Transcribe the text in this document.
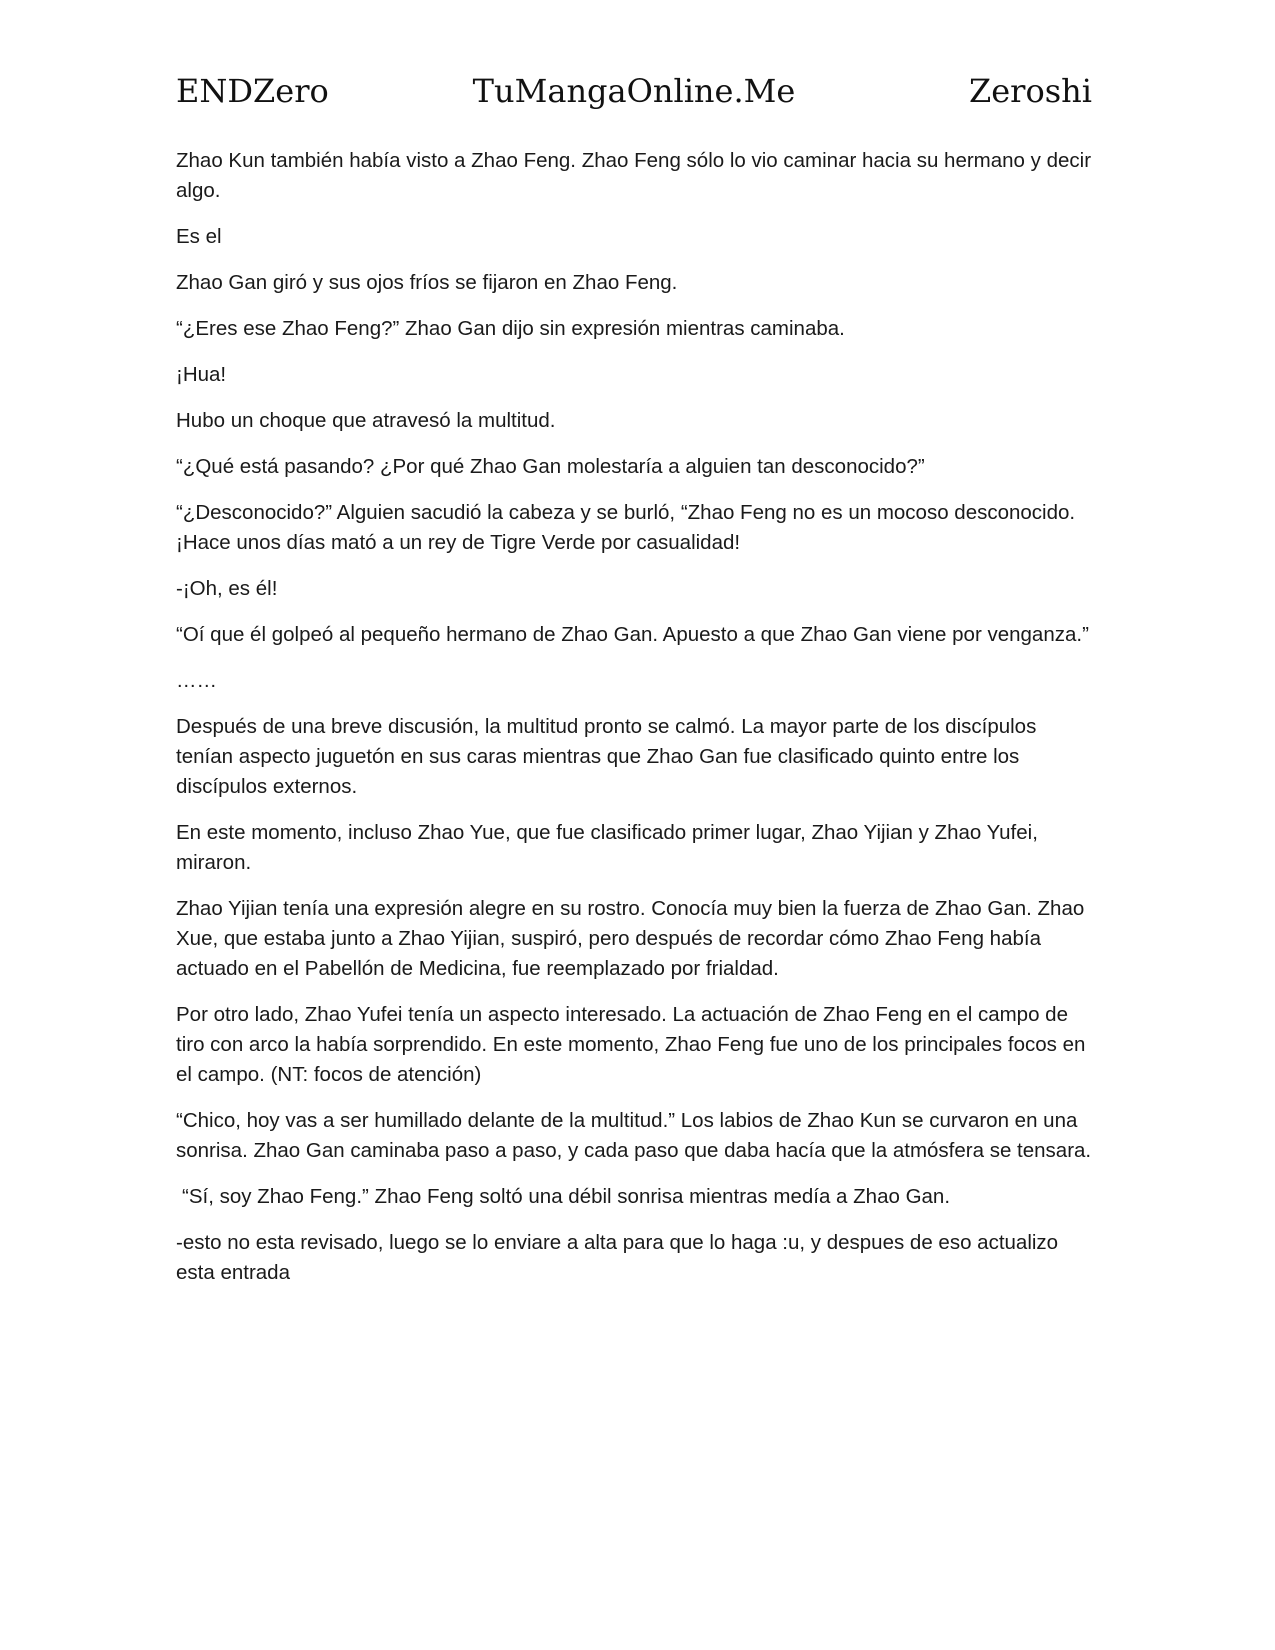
ENDZero	TuMangaOnline.Me	Zeroshi

Zhao Kun también había visto a Zhao Feng. Zhao Feng sólo lo vio caminar hacia su hermano y decir algo.

Es el

Zhao Gan giró y sus ojos fríos se fijaron en Zhao Feng.

“¿Eres ese Zhao Feng?” Zhao Gan dijo sin expresión mientras caminaba.

¡Hua!

Hubo un choque que atravesó la multitud.

“¿Qué está pasando? ¿Por qué Zhao Gan molestaría a alguien tan desconocido?”

“¿Desconocido?” Alguien sacudió la cabeza y se burló, “Zhao Feng no es un mocoso desconocido. ¡Hace unos días mató a un rey de Tigre Verde por casualidad!

-¡Oh, es él!

“Oí que él golpeó al pequeño hermano de Zhao Gan. Apuesto a que Zhao Gan viene por venganza.”

……

Después de una breve discusión, la multitud pronto se calmó. La mayor parte de los discípulos tenían aspecto juguetón en sus caras mientras que Zhao Gan fue clasificado quinto entre los discípulos externos.

En este momento, incluso Zhao Yue, que fue clasificado primer lugar, Zhao Yijian y Zhao Yufei, miraron.

Zhao Yijian tenía una expresión alegre en su rostro. Conocía muy bien la fuerza de Zhao Gan. Zhao Xue, que estaba junto a Zhao Yijian, suspiró, pero después de recordar cómo Zhao Feng había actuado en el Pabellón de Medicina, fue reemplazado por frialdad.

Por otro lado, Zhao Yufei tenía un aspecto interesado. La actuación de Zhao Feng en el campo de tiro con arco la había sorprendido. En este momento, Zhao Feng fue uno de los principales focos en el campo. (NT: focos de atención)

“Chico, hoy vas a ser humillado delante de la multitud.” Los labios de Zhao Kun se curvaron en una sonrisa. Zhao Gan caminaba paso a paso, y cada paso que daba hacía que la atmósfera se tensara.

“Sí, soy Zhao Feng.” Zhao Feng soltó una débil sonrisa mientras medía a Zhao Gan.

-esto no esta revisado, luego se lo enviare a alta para que lo haga :u, y despues de eso actualizo esta entrada
